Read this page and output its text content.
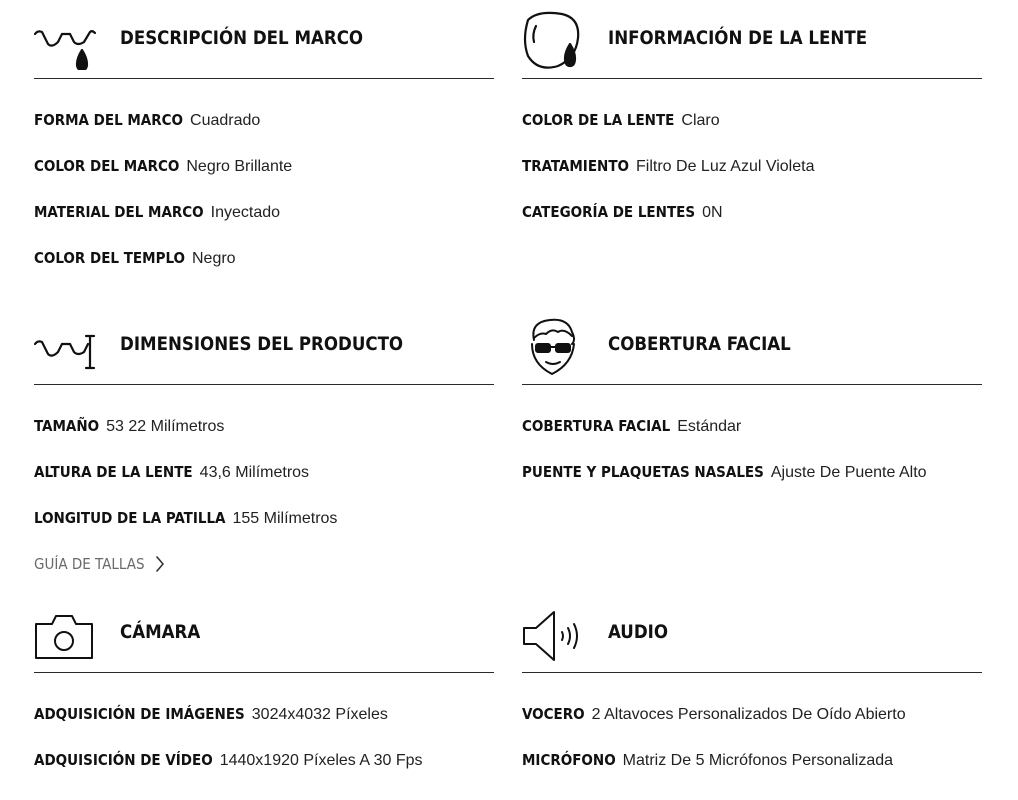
DESCRIPCIÓN DEL MARCO
FORMA DEL MARCO Cuadrado
COLOR DEL MARCO Negro Brillante
MATERIAL DEL MARCO Inyectado
COLOR DEL TEMPLO Negro
INFORMACIÓN DE LA LENTE
COLOR DE LA LENTE Claro
TRATAMIENTO Filtro De Luz Azul Violeta
CATEGORÍA DE LENTES 0N
DIMENSIONES DEL PRODUCTO
TAMAÑO 53 22 Milímetros
ALTURA DE LA LENTE 43,6 Milímetros
LONGITUD DE LA PATILLA 155 Milímetros
GUÍA DE TALLAS
COBERTURA FACIAL
COBERTURA FACIAL Estándar
PUENTE Y PLAQUETAS NASALES Ajuste De Puente Alto
CÁMARA
ADQUISICIÓN DE IMÁGENES 3024x4032 Píxeles
ADQUISICIÓN DE VÍDEO 1440x1920 Píxeles A 30 Fps
AUDIO
VOCERO 2 Altavoces Personalizados De Oído Abierto
MICRÓFONO Matriz De 5 Micrófonos Personalizada
